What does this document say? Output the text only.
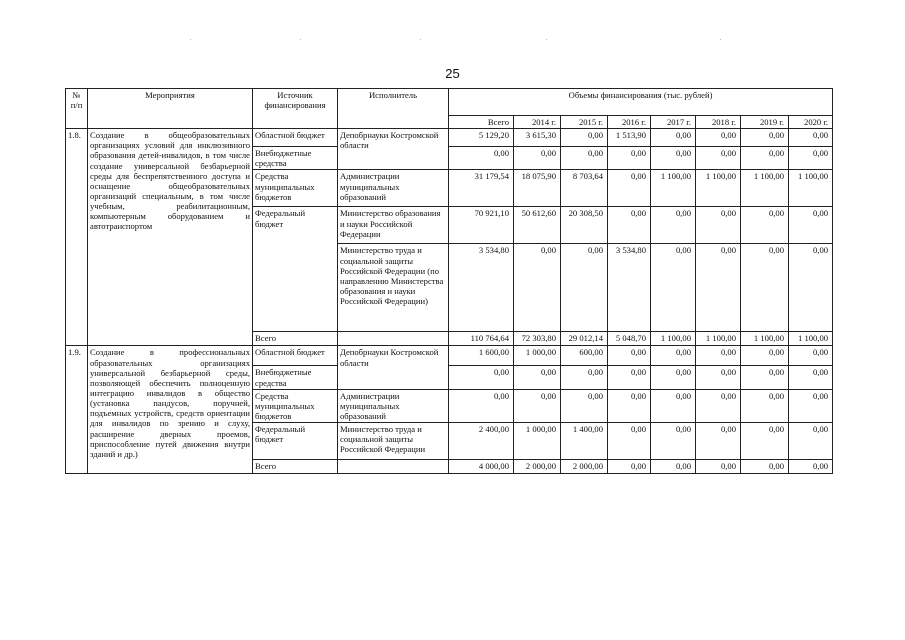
25
№ п/п	Мероприятия	Источник финансирования	Исполнитель	Объемы финансирования (тыс. рублей)							
				Всего	2014 г.	2015 г.	2016 г.	2017 г.	2018 г.	2019 г.	2020 г.
1.8.	Создание в общеобразовательных организациях условий для инклюзивного образования детей-инвалидов, в том числе создание универсальной безбарьерной среды для беспрепятственного доступа и оснащение общеобразовательных организаций специальным, в том числе учебным, реабилитационным, компьютерным оборудованием и автотранспортом	Областной бюджет	Депобрнауки Костромской области	5 129,20	3 615,30	0,00	1 513,90	0,00	0,00	0,00	0,00
		Внебюджетные средства		0,00	0,00	0,00	0,00	0,00	0,00	0,00	0,00
		Средства муниципальных бюджетов	Администрации муниципальных образований	31 179,54	18 075,90	8 703,64	0,00	1 100,00	1 100,00	1 100,00	1 100,00
		Федеральный бюджет	Министерство образования и науки Российской Федерации	70 921,10	50 612,60	20 308,50	0,00	0,00	0,00	0,00	0,00
			Министерство труда и социальной защиты Российской Федерации (по направлению Министерства образования и науки Российской Федерации)	3 534,80	0,00	0,00	3 534,80	0,00	0,00	0,00	0,00
		Всего		110 764,64	72 303,80	29 012,14	5 048,70	1 100,00	1 100,00	1 100,00	1 100,00
1.9.	Создание в профессиональных образовательных организациях универсальной безбарьерной среды, позволяющей обеспечить полноценную интеграцию инвалидов в общество (установка пандусов, поручней, подъемных устройств, средств ориентации для инвалидов по зрению и слуху, расширение дверных проемов, приспособление путей движения внутри зданий и др.)	Областной бюджет	Депобрнауки Костромской области	1 600,00	1 000,00	600,00	0,00	0,00	0,00	0,00	0,00
		Внебюджетные средства		0,00	0,00	0,00	0,00	0,00	0,00	0,00	0,00
		Средства муниципальных бюджетов	Администрации муниципальных образований	0,00	0,00	0,00	0,00	0,00	0,00	0,00	0,00
		Федеральный бюджет	Министерство труда и социальной защиты Российской Федерации	2 400,00	1 000,00	1 400,00	0,00	0,00	0,00	0,00	0,00
		Всего		4 000,00	2 000,00	2 000,00	0,00	0,00	0,00	0,00	0,00
